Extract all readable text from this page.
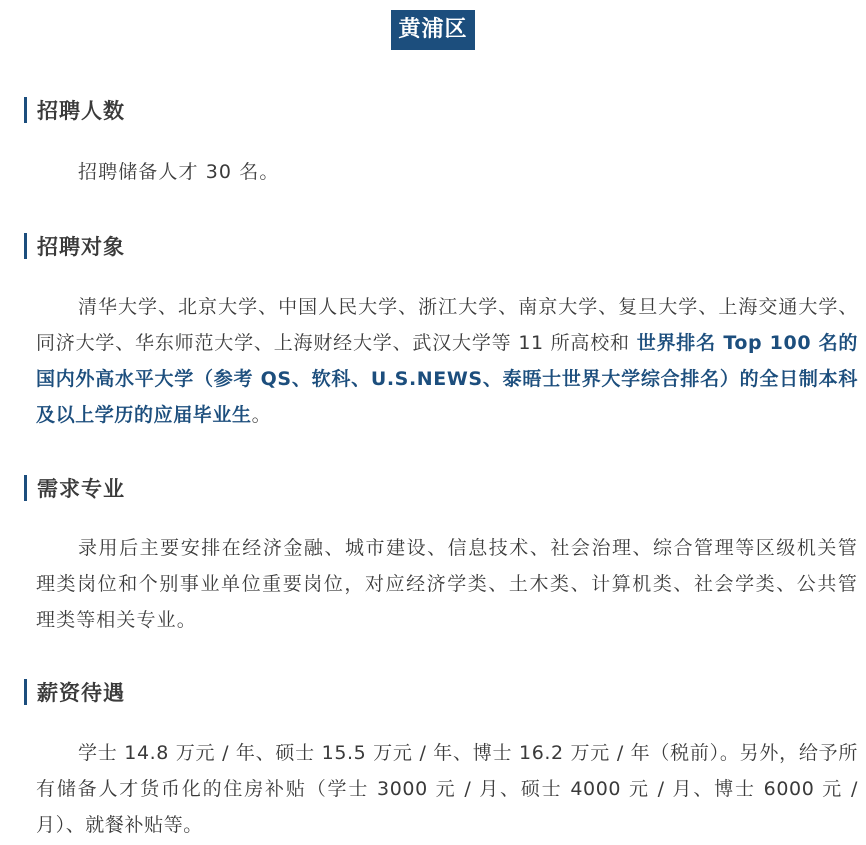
黄浦区
招聘人数

招聘储备人才 30 名。

招聘对象

清华大学、北京大学、中国人民大学、浙江大学、南京大学、复旦大学、上海交通大学、同济大学、华东师范大学、上海财经大学、武汉大学等 11 所高校和 世界排名 Top 100 名的国内外高水平大学（参考 QS、软科、U.S.NEWS、泰晤士世界大学综合排名）的全日制本科及以上学历的应届毕业生。

需求专业

录用后主要安排在经济金融、城市建设、信息技术、社会治理、综合管理等区级机关管理类岗位和个别事业单位重要岗位，对应经济学类、土木类、计算机类、社会学类、公共管理类等相关专业。

薪资待遇

学士 14.8 万元 / 年、硕士 15.5 万元 / 年、博士 16.2 万元 / 年（税前）。另外，给予所有储备人才货币化的住房补贴（学士 3000 元 / 月、硕士 4000 元 / 月、博士 6000 元 / 月）、就餐补贴等。
